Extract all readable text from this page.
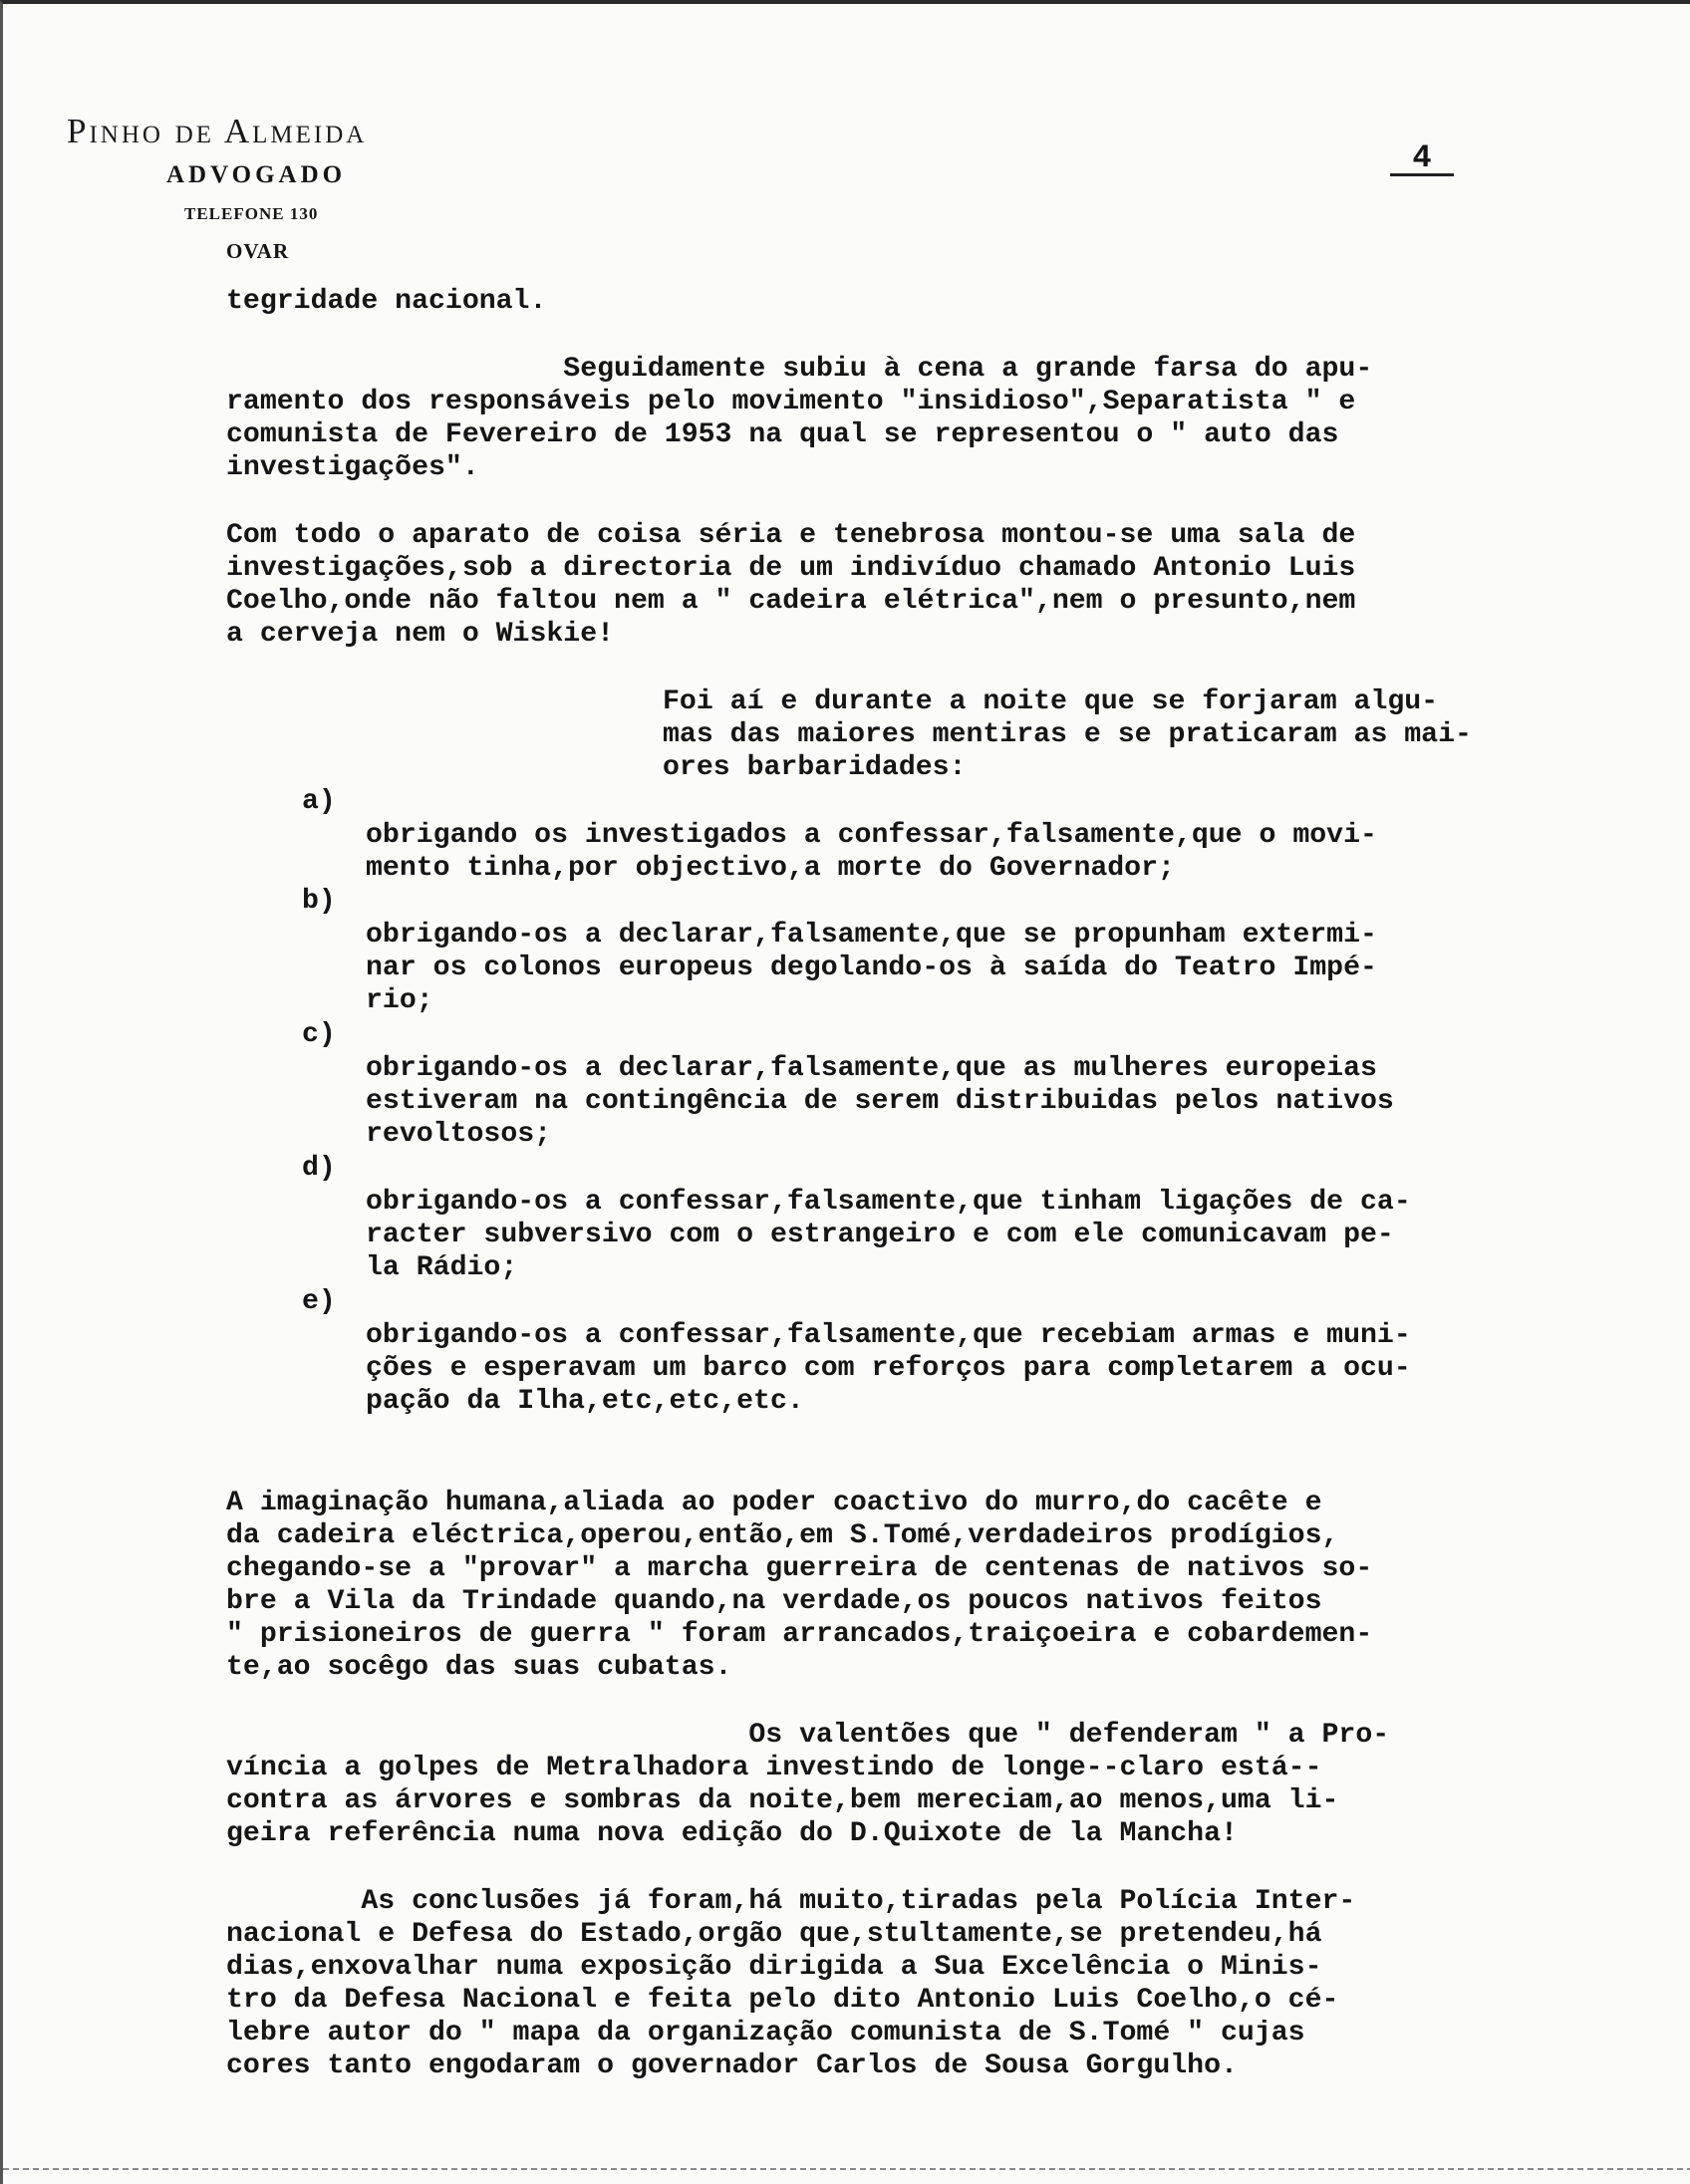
Pinho de Almeida
ADVOGADO
TELEFONE 130
OVAR
4
tegridade nacional.
Seguidamente subiu à cena a grande farsa do apu-
ramento dos responsáveis pelo movimento "insidioso",Separatista " e
comunista de Fevereiro de 1953 na qual se representou o " auto das
investigações".
Com todo o aparato de coisa séria e tenebrosa montou-se uma sala de
investigações,sob a directoria de um indivíduo chamado Antonio Luis
Coelho,onde não faltou nem a " cadeira elétrica",nem o presunto,nem
a cerveja nem o Wiskie!
Foi aí e durante a noite que se forjaram algu-
mas das maiores mentiras e se praticaram as mai-
ores barbaridades:
a)
obrigando os investigados a confessar,falsamente,que o movi-
mento tinha,por objectivo,a morte do Governador;
b)
obrigando-os a declarar,falsamente,que se propunham extermi-
nar os colonos europeus degolando-os à saída do Teatro Impé-
rio;
c)
obrigando-os a declarar,falsamente,que as mulheres europeias
estiveram na contingência de serem distribuidas pelos nativos
revoltosos;
d)
obrigando-os a confessar,falsamente,que tinham ligações de ca-
racter subversivo com o estrangeiro e com ele comunicavam pe-
la Rádio;
e)
obrigando-os a confessar,falsamente,que recebiam armas e muni-
ções e esperavam um barco com reforços para completarem a ocu-
pação da Ilha,etc,etc,etc.
A imaginação humana,aliada ao poder coactivo do murro,do cacête e
da cadeira eléctrica,operou,então,em S.Tomé,verdadeiros prodígios,
chegando-se a "provar" a marcha guerreira de centenas de nativos so-
bre a Vila da Trindade quando,na verdade,os poucos nativos feitos
" prisioneiros de guerra " foram arrancados,traiçoeira e cobardemen-
te,ao socêgo das suas cubatas.
Os valentões que " defenderam " a Pro-
víncia a golpes de Metralhadora investindo de longe--claro está--
contra as árvores e sombras da noite,bem mereciam,ao menos,uma li-
geira referência numa nova edição do D.Quixote de la Mancha!
As conclusões já foram,há muito,tiradas pela Polícia Inter-
nacional e Defesa do Estado,orgão que,stultamente,se pretendeu,há
dias,enxovalhar numa exposição dirigida a Sua Excelência o Minis-
tro da Defesa Nacional e feita pelo dito Antonio Luis Coelho,o cé-
lebre autor do " mapa da organização comunista de S.Tomé " cujas
cores tanto engodaram o governador Carlos de Sousa Gorgulho.
